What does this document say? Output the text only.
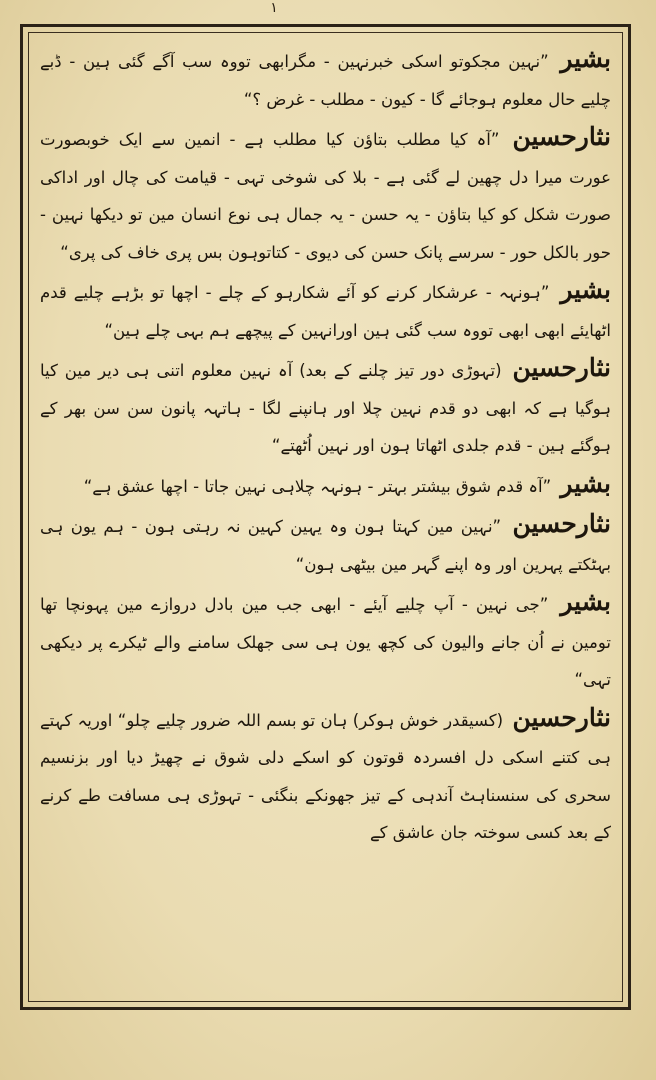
۱

بشیر ”نہین مجکوتو اسکی خبرنہین - مگرابھی تووہ سب آگے گئی ہین - ڈبے چلیے حال معلوم ہوجائے گا - کیون - مطلب - غرض ؟“

نثارحسین ”آہ کیا مطلب بتاؤن کیا مطلب ہے - انمین سے ایک خوبصورت عورت میرا دل چھین لے گئی ہے - بلا کی شوخی تہی - قیامت کی چال اور اداکی صورت شکل کو کیا بتاؤن - یہ حسن - یہ جمال ہی نوع انسان مین تو دیکھا نہین - حور بالکل حور - سرسے پانک حسن کی دیوی - کتاتوہون بس پری خاف کی پری“

بشیر ”ہونہہ - عرشکار کرنے کو آئے شکارہو کے چلے - اچھا تو بڑہے چلیے قدم اٹھایئے ابھی ابھی تووہ سب گئی ہین اورانہین کے پیچھے ہم بہی چلے ہین“

نثارحسین (تہوڑی دور تیز چلنے کے بعد) آہ نہین معلوم اتنی ہی دیر مین کیا ہوگیا ہے کہ ابھی دو قدم نہین چلا اور ہانپنے لگا - ہاتہہ پانون سن سن بھر کے ہوگئے ہین - قدم جلدی اٹھاتا ہون اور نہین اُٹھتے“

بشیر ”آہ قدم شوق بیشتر بہتر - ہونہہ چلاہی نہین جاتا - اچھا عشق ہے“

نثارحسین ”نہین مین کہتا ہون وہ یہین کہین نہ رہتی ہون - ہم یون ہی بہٹکتے پہرین اور وہ اپنے گہر مین بیٹھی ہون“

بشیر ”جی نہین - آپ چلیے آیئے - ابھی جب مین بادل دروازے مین پہونچا تھا تومین نے اُن جانے والیون کی کچھ یون ہی سی جھلک سامنے والے ٹیکرے پر دیکھی تہی“

نثارحسین (کسیقدر خوش ہوکر) ہان تو بسم اللہ ضرور چلیے چلو“ اوریہ کہتے ہی کتنے اسکی دل افسردہ قوتون کو اسکے دلی شوق نے چھیڑ دیا اور بزنسیم سحری کی سنسناہٹ آندہی کے تیز جھونکے بنگئی - تہوڑی ہی مسافت طے کرنے کے بعد کسی سوختہ جان عاشق کے
